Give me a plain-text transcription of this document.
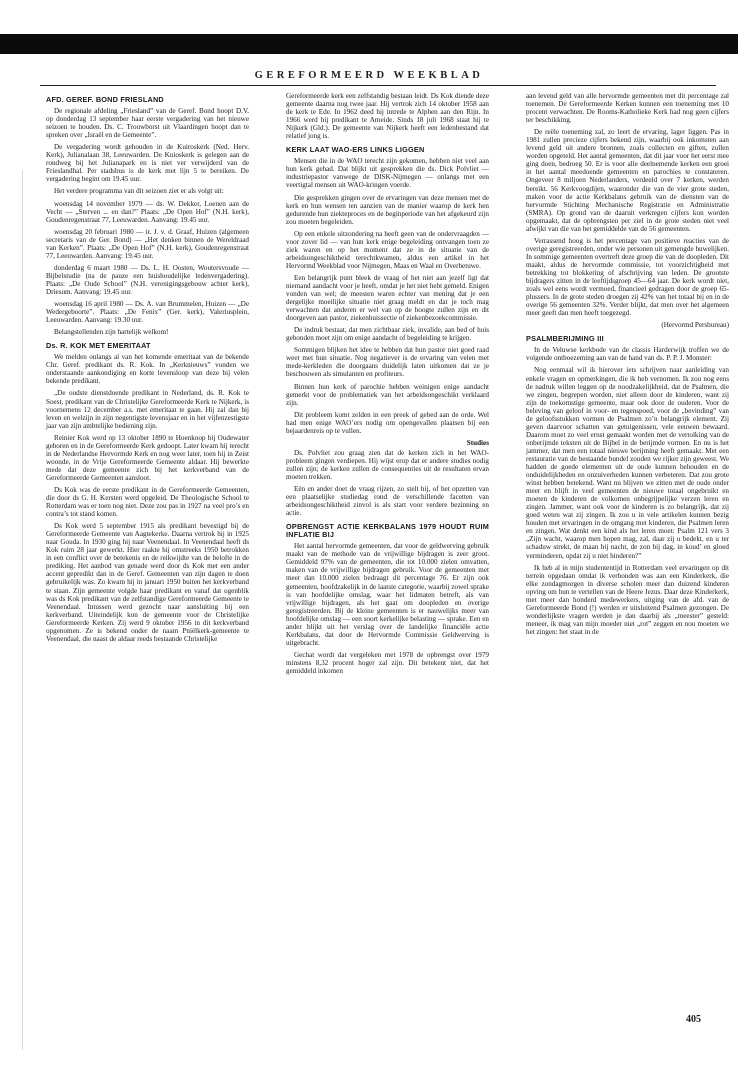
GEREFORMEERD WEEKBLAD
AFD. GEREF. BOND FRIESLAND

De regionale afdeling „Friesland” van de Geref. Bond hoopt D.V. op donderdag 13 september haar eerste vergadering van het nieuwe seizoen te houden. Ds. C. Trouwborst uit Vlaardingen hoopt dan te spreken over „Israël en de Gemeente”.

De vergadering wordt gehouden in de Kuiroskerk (Ned. Herv. Kerk), Julianalaan 38, Leeuwarden. De Kuioskerk is gelegen aan de rondweg bij het Julianapark en is niet ver verwijderd van de Frieslandhal. Per stadsbus is de kerk met lijn 5 te bereiken. De vergadering begint om 19.45 uur.

Het verdere programma van dit seizoen ziet er als volgt uit:

woensdag 14 november 1979 — ds. W. Dekker, Loenen aan de Vecht — „Sterven ... en dan?” Plaats: „De Open Hof” (N.H. kerk), Goudenregenstraat 77, Leeuwarden. Aanvang: 19.45 uur.

woensdag 20 februari 1980 — ir. J. v. d. Graaf, Huizen (algemeen secretaris van de Ger. Bond) — „Het denken binnen de Wereldraad van Kerken”. Plaats: „De Open Hof” (N.H. kerk), Goudenregenstraat 77, Leeuwarden. Aanvang: 19.45 uur.

donderdag 6 maart 1980 — Ds. L. H. Oosten, Woutersvoude — Bijbelstudie (na de pauze een huishoudelijke ledenvergadering). Plaats: „De Oude School” (N.H. verenigingsgebouw achter kerk), Driesum. Aanvang: 19.45 uur.

woensdag 16 april 1980 — Ds. A. van Brummelen, Huizen — „De Wedergeboorte”. Plaats: „De Fenix” (Ger. kerk), Valeriusplein, Leeuwarden. Aanvang: 19.30 uur.

Belangstellenden zijn hartelijk welkom!

Ds. R. KOK MET EMERITAAT

We melden onlangs al van het komende emeritaat van de bekende Chr. Geref. predikant ds. R. Kok. In „Kerknieuws” vonden we onderstaande aankondiging en korte levensloop van deze bij velen bekende predikant.

„De oudste dienstdoende predikant in Nederland, ds. R. Kok te Soest, predikant van de Christelijke Gereformeerde Kerk te Nijkerk, is voornemens 12 december a.s. met emeritaat te gaan. Hij zal dan bij leven en welzijn in zijn negentigste levensjaar en in het vijfenzestigste jaar van zijn ambtelijke bediening zijn.

Reinier Kok werd op 13 oktober 1890 te Hoenkoop bij Oudewater geboren en in de Gereformeerde Kerk gedoopt. Later kwam hij terecht in de Nederlandse Hervormde Kerk en nog weer later, toen hij in Zeist woonde, in de Vrije Gereformeerde Gemeente aldaar. Hij bewerkte mede dat deze gemeente zich bij het kerkverband van de Gereformeerde Gemeenten aansloot.

Ds Kok was de eerste predikant in de Gereformeerde Gemeenten, die door ds G. H. Kersten werd opgeleid. De Theologische School te Rotterdam was er toen nog niet. Deze zou pas in 1927 na veel pro’s en contra’s tot stand komen.

Ds Kok werd 5 september 1915 als predikant bevestigd bij de Gereformeerde Gemeente van Aagtekerke. Daarna vertrok hij in 1925 naar Gouda. In 1930 ging hij naar Veenendaal. In Veenendaal heeft ds Kok ruim 28 jaar gewerkt. Hier raakte hij omstreeks 1950 betrokken in een conflict over de betekenis en de reikwijdte van de belofte in de prediking. Het aanbod van genade werd door ds Kok met een ander accent gepredikt dan in de Geref. Gemeenten van zijn dagen te doen gebruikelijk was. Zo kwam hij in januari 1950 buiten het kerkverband te staan. Zijn gemeente volgde haar predikant en vanaf dat ogenblik was ds Kok predikant van de zelfstandige Gereformeerde Gemeente te Veenendaal. Intussen werd gezocht naar aansluiting bij een kerkverband. Uiteindelijk kon de gemeente voor de Christelijke Gereformeerde Kerken. Zij werd 9 oktober 1956 in dit kerkverband opgenomen. Ze is bekend onder de naam Pniëlkerk-gemeente te Veenendaal, die naast de aldaar reeds bestaande Christelijke

Gereformeerde kerk een zelfstandig bestaan leidt. Ds Kok diende deze gemeente daarna nog twee jaar. Hij vertrok zich 14 oktober 1958 aan de kerk te Ede. In 1962 deed hij intrede te Alphen aan den Rijn. In 1966 werd hij predikant te Ameide. Sinds 18 juli 1968 staat hij te Nijkerk (Gld.). De gemeente van Nijkerk heeft een ledenbestand dat relatief jong is.

KERK LAAT WAO-ERS LINKS LIGGEN

Mensen die in de WAO terecht zijn gekomen, hebben niet veel aan hun kerk gehad. Dat blijkt uit gesprekken die ds. Dick Polvliet — industriepastor vanwege de DISK-Nijmegen — onlangs met een veertigtal mensen uit WAO-kringen voerde.

Die gesprekken gingen over de ervaringen van deze mensen met de kerk en hun wensen ten aanzien van de manier waarop de kerk hen gedurende hun ziekteproces en de beginperiode van het afgekeurd zijn zou moeten begeleiden.

Op een enkele uitzondering na heeft geen van de ondervraagden — voor zover lid — van hun kerk enige begeleiding ontvangen toen ze ziek waren en op het moment dat ze in de situatie van de arbeidsongeschiktheid terechtkwamen, aldus een artikel in het Hervormd Weekblad voor Nijmegen, Maas en Waal en Overbetuwe.

Een belangrijk punt bleek de vraag of het niet aan jezelf ligt dat niemand aandacht voor je heeft, omdat je het niet hebt gemeld. Enigen vonden van wel; de meesten waren echter van mening dat je een dergelijke moeilijke situatie niet graag meldt en dat je toch mag verwachten dat anderen er wel van op de hoogte zullen zijn en dit doorgeven aan pastor, ziekenhuissectie of ziekenbezoekcommissie.

De indruk bestaat, dat men zichtbaar ziek, invalide, aan bed of huis gebonden moet zijn om enige aandacht of begeleiding te krijgen.

Sommigen blijken het idee te hebben dat hun pastor niet goed raad weet met hun situatie. Nog negatiever is de ervaring van velen met mede-kerkleden die doorgaans duidelijk laten uitkomen dat ze je beschouwen als simulanten en profiteurs.

Binnen hun kerk of parochie hebben weinigen enige aandacht gemerkt voor de problematiek van het arbeidsongeschikt verklaard zijn.

Dit probleem komt zelden in een preek of gebed aan de orde. Wel had men enige WAO’ers nodig om opengevallen plaatsen bij een bejaardenreis op te vullen.

Studies

Ds. Polvliet zou graag zien dat de kerken zich in het WAO-probleem gingen verdiepen. Hij wijst erop dat er andere studies nodig zullen zijn; de kerken zullen de consequenties uit de resultaten ervan moeten trekken.

Eén en ander doet de vraag rijzen, zo stelt hij, of het opzetten van een plaatselijke studiedag rond de verschillende facetten van arbeidsongeschiktheid zinvol is als start voor verdere bezinning en actie.

OPBRENGST ACTIE KERKBALANS 1979 HOUDT RUIM INFLATIE BIJ

Het aantal hervormde gemeenten, dat voor de geldwerving gebruik maakt van de methode van de vrijwillige bijdragen is zeer groot. Gemiddeld 97% van de gemeenten, die tot 10.000 zielen omvatten, maken van de vrijwillige bijdragen gebruik. Voor de gemeenten met meer dan 10.000 zielen bedraagt dit percentage 76. Er zijn ook gemeenten, hoofdzakelijk in de laatste categorie, waarbij zowel sprake is van hoofdelijke omslag, waar het lidmaten betreft, als van vrijwillige bijdragen, als het gaat om doopleden en overige geregistreerden. Bij de kleine gemeenten is er nauwelijks meer van hoofdelijke omslag — een soort kerkelijke belasting — sprake. Een en ander blijkt uit het verslag over de landelijke financiële actie Kerkbalans, dat door de Hervormde Commissie Geldwerving is uitgebracht.

Gechat wordt dat vergeleken met 1978 de opbrengst over 1979 minstens 8,32 procent hoger zal zijn. Dit betekent niet, dat het gemiddeld inkomen

aan levend geld van alle hervormde gemeenten met dit percentage zal toenemen. De Gereformeerde Kerken kunnen een toeneming met 10 procent verwachten. De Rooms-Katholieke Kerk had nog geen cijfers ter beschikking.

De reële toeneming zal, zo leert de ervaring, lager liggen. Pas in 1981 zullen precieze cijfers bekend zijn, waarbij ook inkomsten aan levend geld uit andere bronnen, zoals collecten en giften, zullen worden opgeteld. Het aantal gemeenten, dat dit jaar voor het eerst mee ging doen, bedroeg 50. Er is voor alle deelnemende kerken een groei in het aantal meedoende gemeenten en parochies te constateren. Ongeveer 8 miljoen Nederlanders, verdeeld over 7 kerken, werden bereikt. 56 Kerkvoogdijen, waaronder die van de vier grote steden, maken voor de actie Kerkbalans gebruik van de diensten van de hervormde Stichting Mechanische Registratie en Administratie (SMRA). Op grond van de daaruit verkregen cijfers kon worden opgemaakt, dat de opbrengsten per ziel in de grote steden niet veel afwijkt van die van het gemiddelde van de 56 gemeenten.

Verrassend hoog is het percentage van positieve reacties van de overige geregistreerden, onder wie personen uit gemengde huwelijken. In sommige gemeenten overtreft deze groep die van de doopleden. Dit maakt, aldus de hervormde commissie, tot voorzichtigheid met betrekking tot blokkering of afschrijving van leden. De grootste bijdragers zitten in de leeftijdsgroep 45—64 jaar. De kerk wordt niet, zoals wel eens wordt vermoed, financieel gedragen door de groep 65-plussers. In de grote steden droegen zij 42% van het totaal bij en in de overige 56 gemeenten 32%. Verder blijkt, dat men over het algemeen meer geeft dan men heeft toegezegd.

(Hervormd Persbureau)
PSALMBERIJMING III

In de Veluwse kerkbode van de classis Harderwijk troffen we de volgende ontboezeming aan van de hand van ds. P. P. J. Monster:

Nog eenmaal wil ik hierover iets schrijven naar aanleiding van enkele vragen en opmerkingen, die ik heb vernomen. Ik zou nog eens de nadruk willen leggen op de noodzakelijkheid, dat de Psalmen, die we zingen, begrepen worden, niet alleen door de kinderen, want zij zijn de toekomstige gemeente, maar ook door de ouderen. Voor de beleving van geloof in voor- en tegenspoed, voor de „bevinding” van de geloofsstukken vormen de Psalmen zo’n belangrijk element. Zij geven daarvoor schatten van getuigenissen, vele eeuwen bewaard. Daarom moet zo veel ernst gemaakt worden met de vertolking van de onberijmde teksten uit de Bijbel in de berijmde vormen. En nu is het jammer, dat men een totaal nieuwe berijming heeft gemaakt. Met een restauratie van de bestaande bundel zouden we rijker zijn geweest. We hadden de goede elementen uit de oude kunnen behouden en de onduidelijkheden en onzuiverheden kunnen verbeteren. Dat zou grote winst hebben betekend. Want nu blijven we zitten met de oude onder meer en blijft in veel gemeenten de nieuwe totaal ongebruikt en moeten de kinderen de volkomen onbegrijpelijke verzen leren en zingen. Jammer, want ook voor de kinderen is zo belangrijk, dat zij goed weten wat zij zingen. Ik zou u in vele artikelen kunnen bezig houden met ervaringen in de omgang met kinderen, die Psalmen leren en zingen. Wat denkt een kind als het leren moet: Psalm 121 vers 3 „Zijn wacht, waarop men hopen mag, zal, daar zij u bedekt, en u ter schaduw strekt, de maan bij nacht, de zon bij dag, in koud’ en gloed verminderen, opdat zij u niet hinderen?”

Ik heb al in mijn studententijd in Rotterdam veel ervaringen op dit terrein opgedaan omdat ik verbonden was aan een Kinderkerk, die elke zondagmorgen in diverse scholen meer dan duizend kinderen opving om hun te vertellen van de Heere Jezus. Daar deze Kinderkerk, met meer dan honderd medewerkers, uitging van de afd. van de Gereformeerde Bond (!) werden er uitsluitend Psalmen gezongen. De wonderlijkste vragen werden je dan daarbij als „meester” gesteld: meneer, ik mag van mijn moeder niet „rot” zeggen en nou moeten we het zingen: het staat in de

405
